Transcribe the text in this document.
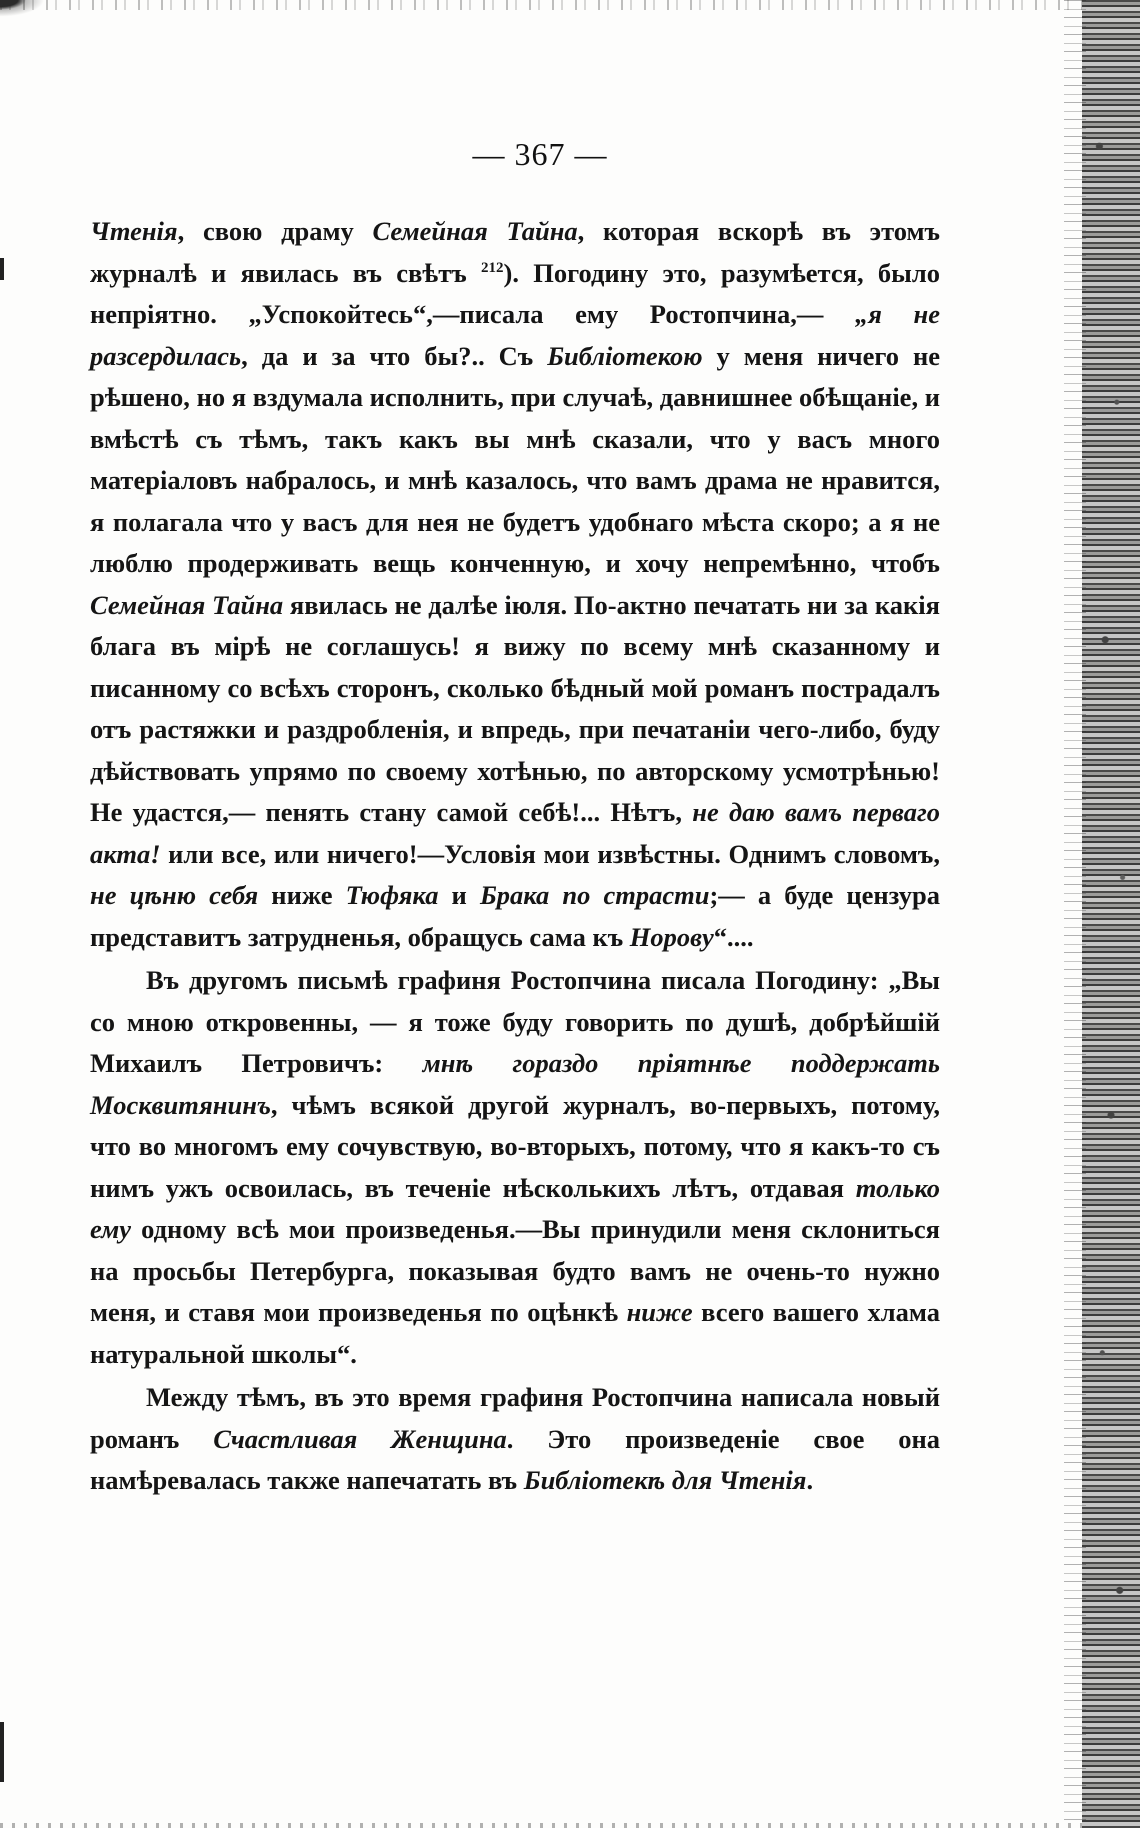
— 367 —

Чтенія, свою драму Семейная Тайна, которая вскорѣ въ этомъ журналѣ и явилась въ свѣтъ $^{212}$). Погодину это, разумѣется, было непріятно. „Успокойтесь“,—писала ему Ростопчина,— „я не разсердилась, да и за что бы?.. Съ Библіотекою у меня ничего не рѣшено, но я вздумала исполнить, при случаѣ, давнишнее обѣщаніе, и вмѣстѣ съ тѣмъ, такъ какъ вы мнѣ сказали, что у васъ много матеріаловъ набралось, и мнѣ казалось, что вамъ драма не нравится, я полагала что у васъ для нея не будетъ удобнаго мѣста скоро; а я не люблю продерживать вещь конченную, и хочу непремѣнно, чтобъ Семейная Тайна явилась не далѣе іюля. По-актно печатать ни за какія блага въ мірѣ не соглашусь! я вижу по всему мнѣ сказанному и писанному со всѣхъ сторонъ, сколько бѣдный мой романъ пострадалъ отъ растяжки и раздробленія, и впредь, при печатаніи чего-либо, буду дѣйствовать упрямо по своему хотѣнью, по авторскому усмотрѣнью! Не удастся,— пенять стану самой себѣ!... Нѣтъ, не даю вамъ перваго акта! или все, или ничего!—Условія мои извѣстны. Однимъ словомъ, не цѣню себя ниже Тюфяка и Брака по страсти;— а буде цензура представитъ затрудненья, обращусь сама къ Норову“....

Въ другомъ письмѣ графиня Ростопчина писала Погодину: „Вы со мною откровенны, — я тоже буду говорить по душѣ, добрѣйшій Михаилъ Петровичъ: мнѣ гораздо пріятнѣе поддержать Москвитянинъ, чѣмъ всякой другой журналъ, во-первыхъ, потому, что во многомъ ему сочувствую, во-вторыхъ, потому, что я какъ-то съ нимъ ужъ освоилась, въ теченіе нѣсколькихъ лѣтъ, отдавая только ему одному всѣ мои произведенья.—Вы принудили меня склониться на просьбы Петербурга, показывая будто вамъ не очень-то нужно меня, и ставя мои произведенья по оцѣнкѣ ниже всего вашего хлама натуральной школы“.

Между тѣмъ, въ это время графиня Ростопчина написала новый романъ Счастливая Женщина. Это произведеніе свое она намѣревалась также напечатать въ Библіотекѣ для Чтенія.
